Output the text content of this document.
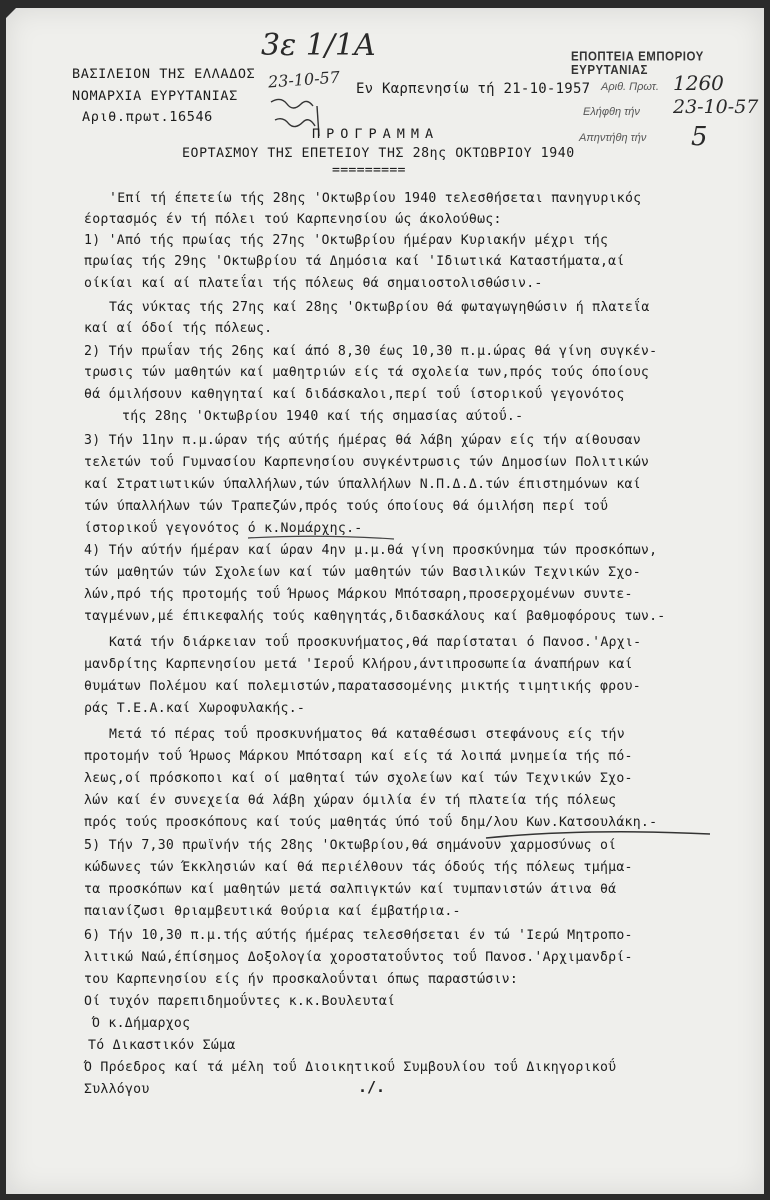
ΒΑΣΙΛΕΙΟΝ ΤΗΣ ΕΛΛΑΔΟΣ
ΝΟΜΑΡΧΙΑ ΕΥΡΥΤΑΝΙΑΣ
Αριθ.πρωτ.16546
Εν Καρπενησίω τή 21-10-1957
3ε 1/1Α
23-10-57
ΕΠΟΠΤΕΙΑ ΕΜΠΟΡΙΟΥ ΕΥΡΥΤΑΝΙΑΣ
Αριθ. Πρωτ.
Ελήφθη τήν
Απηντήθη τήν
1260
23-10-57
5
ΠΡΟΓΡΑΜΜΑ
ΕΟΡΤΑΣΜΟΥ ΤΗΣ ΕΠΕΤΕΙΟΥ ΤΗΣ 28ης ΟΚΤΩΒΡΙΟΥ 1940
=========
'Επί τή έπετείω τής 28ης 'Οκτωβρίου 1940 τελεσθήσεται πανηγυρικός
έορτασμός έν τή πόλει τού Καρπενησίου ώς άκολούθως:
1) 'Από τής πρωίας τής 27ης 'Οκτωβρίου ήμέραν Κυριακήν μέχρι τής
πρωίας τής 29ης 'Οκτωβρίου τά Δημόσια καί 'Ιδιωτικά Καταστήματα,αί
οίκίαι καί αί πλατεΐαι τής πόλεως θά σημαιοστολισθώσιν.-
Τάς νύκτας τής 27ης καί 28ης 'Οκτωβρίου θά φωταγωγηθώσιν ή πλατεΐα
καί αί όδοί τής πόλεως.
2) Τήν πρωΐαν τής 26ης καί άπό 8,30 έως 10,30 π.μ.ώρας θά γίνη συγκέν-
τρωσις τών μαθητών καί μαθητριών είς τά σχολεία των,πρός τούς όποίους
θά όμιλήσουν καθηγηταί καί διδάσκαλοι,περί τοΰ ίστορικοΰ γεγονότος
τής 28ης 'Οκτωβρίου 1940 καί τής σημασίας αύτοΰ.-
3) Τήν 11ην π.μ.ώραν τής αύτής ήμέρας θά λάβη χώραν είς τήν αίθουσαν
τελετών τοΰ Γυμνασίου Καρπενησίου συγκέντρωσις τών Δημοσίων Πολιτικών
καί Στρατιωτικών ύπαλλήλων,τών ύπαλλήλων Ν.Π.Δ.Δ.τών έπιστημόνων καί
τών ύπαλλήλων τών Τραπεζών,πρός τούς όποίους θά όμιλήση περί τοΰ
ίστορικοΰ γεγονότος ό κ.Νομάρχης.-
4) Τήν αύτήν ήμέραν καί ώραν 4ην μ.μ.θά γίνη προσκύνημα τών προσκόπων,
τών μαθητών τών Σχολείων καί τών μαθητών τών Βασιλικών Τεχνικών Σχο-
λών,πρό τής προτομής τοΰ Ήρωος Μάρκου Μπότσαρη,προσερχομένων συντε-
ταγμένων,μέ έπικεφαλής τούς καθηγητάς,διδασκάλους καί βαθμοφόρους των.-
Κατά τήν διάρκειαν τοΰ προσκυνήματος,θά παρίσταται ό Πανοσ.'Αρχι-
μανδρίτης Καρπενησίου μετά 'Ιεροΰ Κλήρου,άντιπροσωπεία άναπήρων καί
θυμάτων Πολέμου καί πολεμιστών,παρατασσομένης μικτής τιμητικής φρου-
ράς Τ.Ε.Α.καί Χωροφυλακής.-
Μετά τό πέρας τοΰ προσκυνήματος θά καταθέσωσι στεφάνους είς τήν
προτομήν τοΰ Ήρωος Μάρκου Μπότσαρη καί είς τά λοιπά μνημεία τής πό-
λεως,οί πρόσκοποι καί οί μαθηταί τών σχολείων καί τών Τεχνικών Σχο-
λών καί έν συνεχεία θά λάβη χώραν όμιλία έν τή πλατεία τής πόλεως
πρός τούς προσκόπους καί τούς μαθητάς ύπό τοΰ δημ/λου Κων.Κατσουλάκη.-
5) Τήν 7,30 πρωϊνήν τής 28ης 'Οκτωβρίου,θά σημάνουν χαρμοσύνως οί
κώδωνες τών Έκκλησιών καί θά περιέλθουν τάς όδούς τής πόλεως τμήμα-
τα προσκόπων καί μαθητών μετά σαλπιγκτών καί τυμπανιστών άτινα θά
παιανίζωσι θριαμβευτικά θούρια καί έμβατήρια.-
6) Τήν 10,30 π.μ.τής αύτής ήμέρας τελεσθήσεται έν τώ 'Ιερώ Μητροπο-
λιτικώ Ναώ,έπίσημος Δοξολογία χοροστατοΰντος τοΰ Πανοσ.'Αρχιμανδρί-
του Καρπενησίου είς ήν προσκαλοΰνται όπως παραστώσιν:
Οί τυχόν παρεπιδημοΰντες κ.κ.Βουλευταί
Ό κ.Δήμαρχος
Τό Δικαστικόν Σώμα
Ό Πρόεδρος καί τά μέλη τοΰ Διοικητικοΰ Συμβουλίου τοΰ Δικηγορικοΰ
Συλλόγου	./.
